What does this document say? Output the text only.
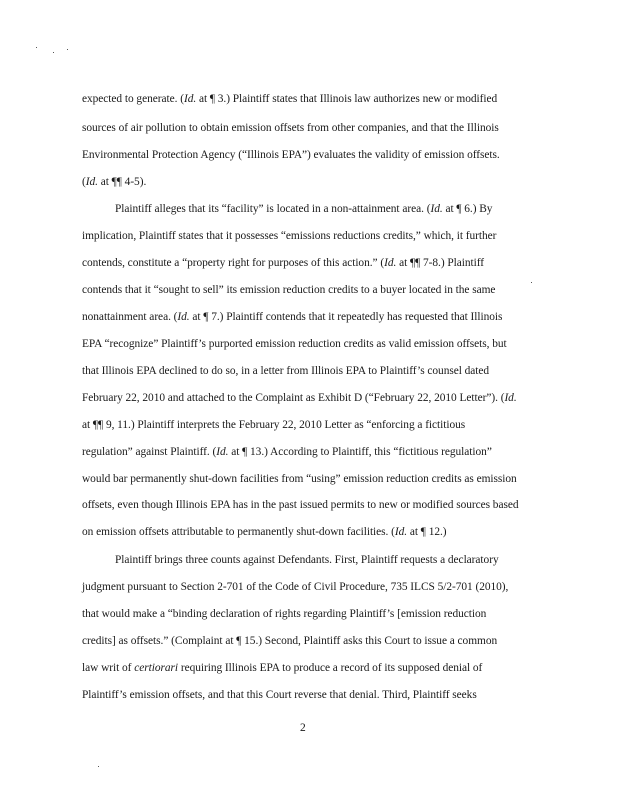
expected to generate. (Id. at ¶ 3.) Plaintiff states that Illinois law authorizes new or modified
sources of air pollution to obtain emission offsets from other companies, and that the Illinois
Environmental Protection Agency (“Illinois EPA”) evaluates the validity of emission offsets.
(Id. at ¶¶ 4-5).
Plaintiff alleges that its “facility” is located in a non-attainment area. (Id. at ¶ 6.) By
implication, Plaintiff states that it possesses “emissions reductions credits,” which, it further
contends, constitute a “property right for purposes of this action.” (Id. at ¶¶ 7-8.) Plaintiff
contends that it “sought to sell” its emission reduction credits to a buyer located in the same
nonattainment area. (Id. at ¶ 7.) Plaintiff contends that it repeatedly has requested that Illinois
EPA “recognize” Plaintiff’s purported emission reduction credits as valid emission offsets, but
that Illinois EPA declined to do so, in a letter from Illinois EPA to Plaintiff’s counsel dated
February 22, 2010 and attached to the Complaint as Exhibit D (“February 22, 2010 Letter”). (Id.
at ¶¶ 9, 11.) Plaintiff interprets the February 22, 2010 Letter as “enforcing a fictitious
regulation” against Plaintiff. (Id. at ¶ 13.) According to Plaintiff, this “fictitious regulation”
would bar permanently shut-down facilities from “using” emission reduction credits as emission
offsets, even though Illinois EPA has in the past issued permits to new or modified sources based
on emission offsets attributable to permanently shut-down facilities. (Id. at ¶ 12.)
Plaintiff brings three counts against Defendants. First, Plaintiff requests a declaratory
judgment pursuant to Section 2-701 of the Code of Civil Procedure, 735 ILCS 5/2-701 (2010),
that would make a “binding declaration of rights regarding Plaintiff’s [emission reduction
credits] as offsets.” (Complaint at ¶ 15.) Second, Plaintiff asks this Court to issue a common
law writ of certiorari requiring Illinois EPA to produce a record of its supposed denial of
Plaintiff’s emission offsets, and that this Court reverse that denial. Third, Plaintiff seeks
2
